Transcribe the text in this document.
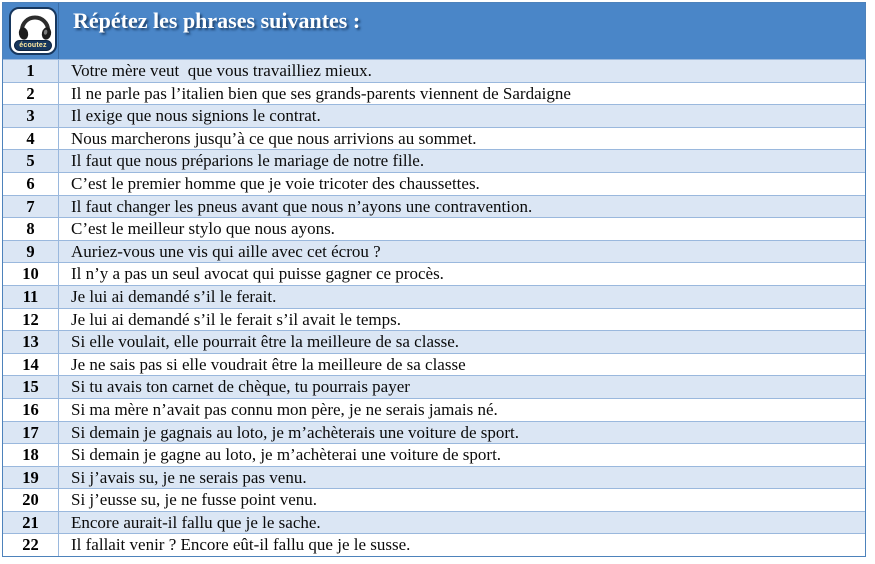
écoutez
Répétez les phrases suivantes :
1	Votre mère veut  que vous travailliez mieux.
2	Il ne parle pas l’italien bien que ses grands-parents viennent de Sardaigne
3	Il exige que nous signions le contrat.
4	Nous marcherons jusqu’à ce que nous arrivions au sommet.
5	Il faut que nous préparions le mariage de notre fille.
6	C’est le premier homme que je voie tricoter des chaussettes.
7	Il faut changer les pneus avant que nous n’ayons une contravention.
8	C’est le meilleur stylo que nous ayons.
9	Auriez-vous une vis qui aille avec cet écrou ?
10	Il n’y a pas un seul avocat qui puisse gagner ce procès.
11	Je lui ai demandé s’il le ferait.
12	Je lui ai demandé s’il le ferait s’il avait le temps.
13	Si elle voulait, elle pourrait être la meilleure de sa classe.
14	Je ne sais pas si elle voudrait être la meilleure de sa classe
15	Si tu avais ton carnet de chèque, tu pourrais payer
16	Si ma mère n’avait pas connu mon père, je ne serais jamais né.
17	Si demain je gagnais au loto, je m’achèterais une voiture de sport.
18	Si demain je gagne au loto, je m’achèterai une voiture de sport.
19	Si j’avais su, je ne serais pas venu.
20	Si j’eusse su, je ne fusse point venu.
21	Encore aurait-il fallu que je le sache.
22	Il fallait venir ? Encore eût-il fallu que je le susse.
